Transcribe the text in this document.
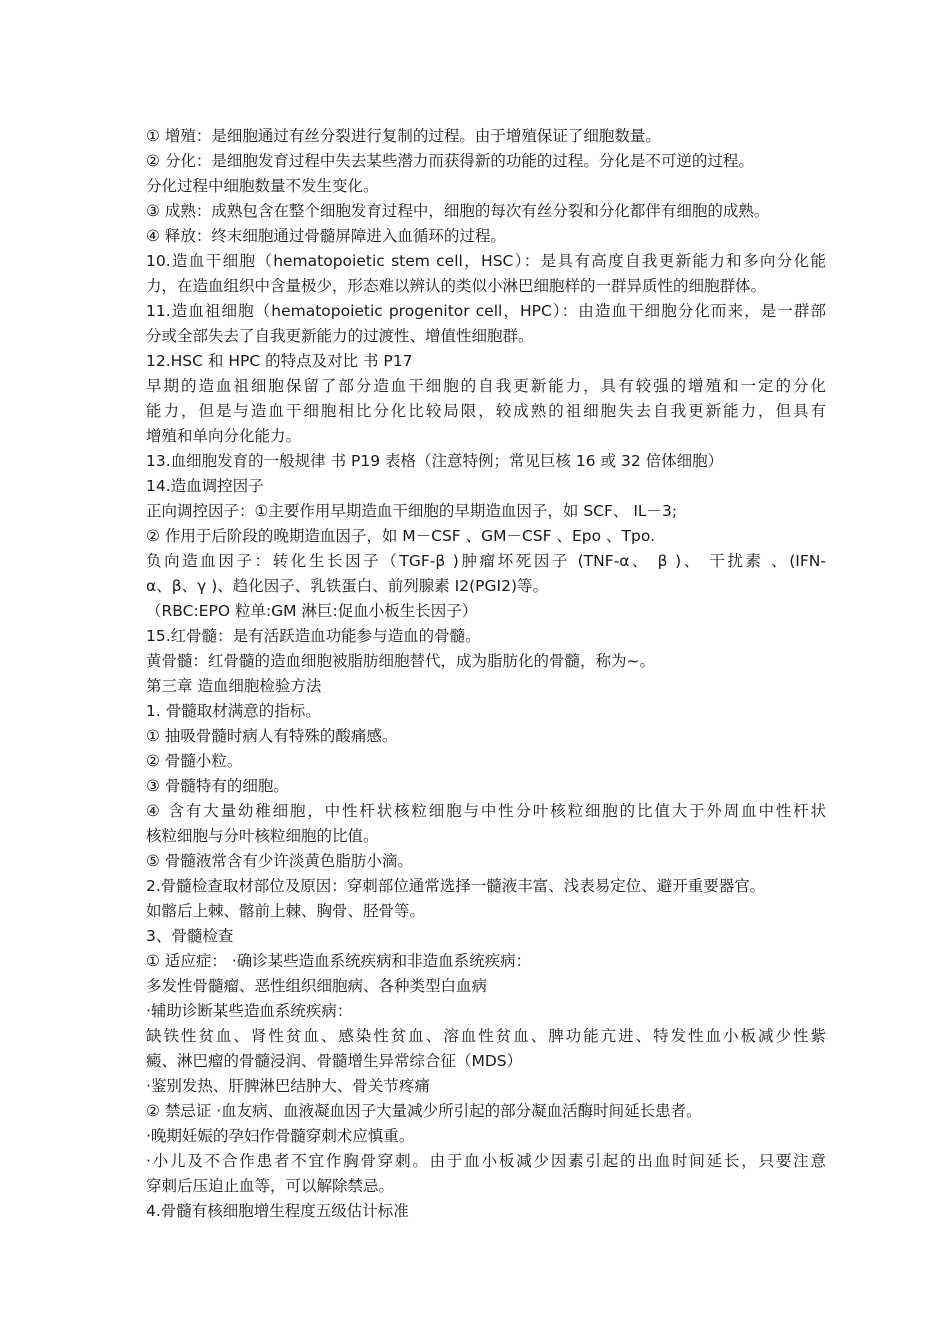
① 增殖：是细胞通过有丝分裂进行复制的过程。由于增殖保证了细胞数量。
② 分化：是细胞发育过程中失去某些潜力而获得新的功能的过程。分化是不可逆的过程。
分化过程中细胞数量不发生变化。
③ 成熟：成熟包含在整个细胞发育过程中，细胞的每次有丝分裂和分化都伴有细胞的成熟。
④ 释放：终末细胞通过骨髓屏障进入血循环的过程。
10.造血干细胞（hematopoietic stem cell，HSC）：是具有高度自我更新能力和多向分化能
力，在造血组织中含量极少，形态难以辨认的类似小淋巴细胞样的一群异质性的细胞群体。
11.造血祖细胞（hematopoietic progenitor cell，HPC）：由造血干细胞分化而来，是一群部
分或全部失去了自我更新能力的过渡性、增值性细胞群。
12.HSC 和 HPC 的特点及对比 书 P17
早期的造血祖细胞保留了部分造血干细胞的自我更新能力，具有较强的增殖和一定的分化
能力，但是与造血干细胞相比分化比较局限，较成熟的祖细胞失去自我更新能力，但具有
增殖和单向分化能力。
13.血细胞发育的一般规律 书 P19 表格（注意特例；常见巨核 16 或 32 倍体细胞）
14.造血调控因子
正向调控因子：①主要作用早期造血干细胞的早期造血因子，如 SCF、 IL－3;
② 作用于后阶段的晚期造血因子，如 M－CSF 、GM－CSF 、Epo 、Tpo.
负向造血因子：转化生长因子（TGF-β )肿瘤坏死因子 (TNF-α、 β )、 干扰素 、(IFN-
α、β、γ )、趋化因子、乳铁蛋白、前列腺素 I2(PGI2)等。
（RBC:EPO 粒单:GM 淋巨:促血小板生长因子）
15.红骨髓：是有活跃造血功能参与造血的骨髓。
黄骨髓：红骨髓的造血细胞被脂肪细胞替代，成为脂肪化的骨髓，称为~。
第三章 造血细胞检验方法
1. 骨髓取材满意的指标。
① 抽吸骨髓时病人有特殊的酸痛感。
② 骨髓小粒。
③ 骨髓特有的细胞。
④ 含有大量幼稚细胞，中性杆状核粒细胞与中性分叶核粒细胞的比值大于外周血中性杆状
核粒细胞与分叶核粒细胞的比值。
⑤ 骨髓液常含有少许淡黄色脂肪小滴。
2.骨髓检查取材部位及原因：穿刺部位通常选择一髓液丰富、浅表易定位、避开重要器官。
如髂后上棘、髂前上棘、胸骨、胫骨等。
3、骨髓检查
① 适应症： ·确诊某些造血系统疾病和非造血系统疾病：
多发性骨髓瘤、恶性组织细胞病、各种类型白血病
·辅助诊断某些造血系统疾病：
缺铁性贫血、肾性贫血、感染性贫血、溶血性贫血、脾功能亢进、特发性血小板减少性紫
癜、淋巴瘤的骨髓浸润、骨髓增生异常综合征（MDS）
·鉴别发热、肝脾淋巴结肿大、骨关节疼痛
② 禁忌证 ·血友病、血液凝血因子大量减少所引起的部分凝血活酶时间延长患者。
·晚期妊娠的孕妇作骨髓穿刺术应慎重。
·小儿及不合作患者不宜作胸骨穿刺。由于血小板减少因素引起的出血时间延长，只要注意
穿刺后压迫止血等，可以解除禁忌。
4.骨髓有核细胞增生程度五级估计标准
